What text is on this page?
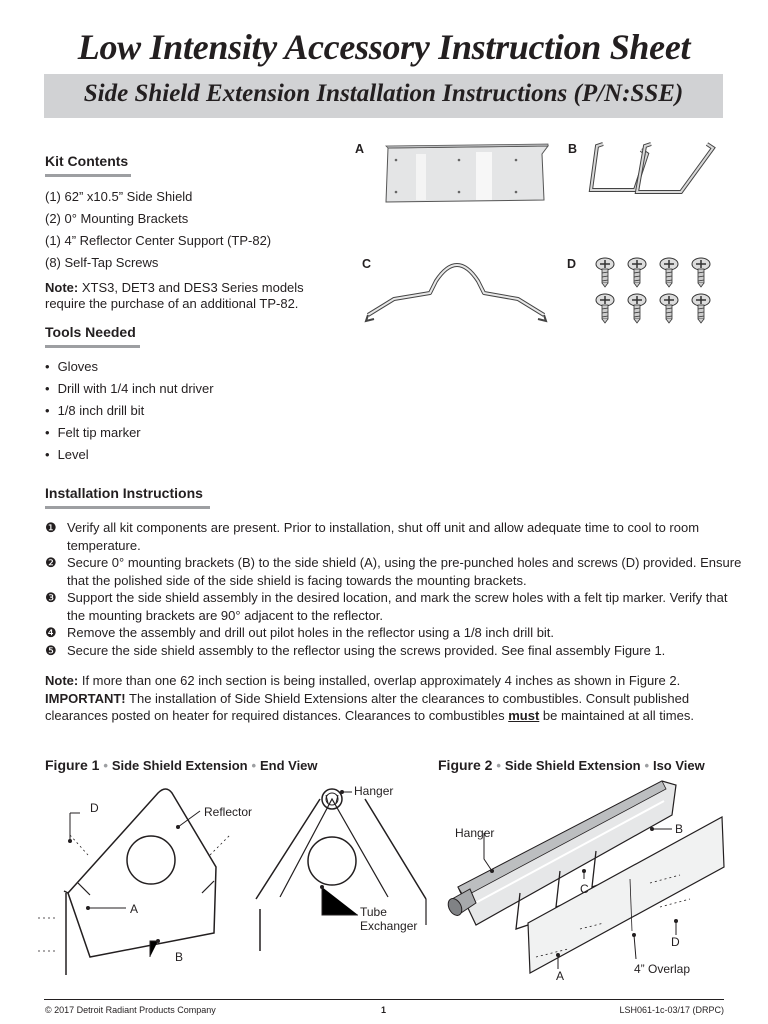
Low Intensity Accessory Instruction Sheet
Side Shield Extension Installation Instructions (P/N:SSE)
Kit Contents
(1) 62” x10.5” Side Shield
(2) 0° Mounting Brackets
(1) 4” Reflector Center Support (TP-82)
(8) Self-Tap Screws
Note: XTS3, DET3 and DES3 Series models
require the purchase of an additional TP-82.
A	B
C	D
Tools Needed
• Gloves
• Drill with 1/4 inch nut driver
• 1/8 inch drill bit
• Felt tip marker
• Level
Installation Instructions
❶ Verify all kit components are present. Prior to installation, shut off unit and allow adequate time to cool to room temperature.
❷ Secure 0° mounting brackets (B) to the side shield (A), using the pre-punched holes and screws (D) provided. Ensure that the polished side of the side shield is facing towards the mounting brackets.
❸ Support the side shield assembly in the desired location, and mark the screw holes with a felt tip marker. Verify that the mounting brackets are 90° adjacent to the reflector.
❹ Remove the assembly and drill out pilot holes in the reflector using a 1/8 inch drill bit.
❺ Secure the side shield assembly to the reflector using the screws provided. See final assembly Figure 1.
Note: If more than one 62 inch section is being installed, overlap approximately 4 inches as shown in Figure 2.
IMPORTANT! The installation of Side Shield Extensions alter the clearances to combustibles. Consult published clearances posted on heater for required distances. Clearances to combustibles must be maintained at all times.
Figure 1 • Side Shield Extension • End View
D	Reflector
A
B
Hanger
Tube
Exchanger
Figure 2 • Side Shield Extension • Iso View
Hanger	B
C
D
A	4” Overlap
© 2017 Detroit Radiant Products Company	1	LSH061-1c-03/17 (DRPC)
